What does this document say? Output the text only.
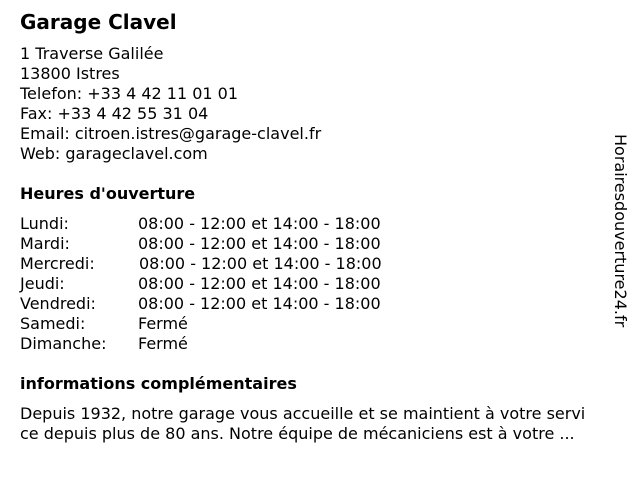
Garage Clavel
1 Traverse Galilée
13800 Istres
Telefon: +33 4 42 11 01 01
Fax: +33 4 42 55 31 04
Email: citroen.istres@garage-clavel.fr
Web: garageclavel.com
Heures d'ouverture
Lundi:	08:00 - 12:00 et 14:00 - 18:00
Mardi:	08:00 - 12:00 et 14:00 - 18:00
Mercredi:	08:00 - 12:00 et 14:00 - 18:00
Jeudi:	08:00 - 12:00 et 14:00 - 18:00
Vendredi:	08:00 - 12:00 et 14:00 - 18:00
Samedi:	Fermé
Dimanche: Fermé
informations complémentaires
Depuis 1932, notre garage vous accueille et se maintient à votre servi
ce depuis plus de 80 ans. Notre équipe de mécaniciens est à votre ...
Horairesdouverture24.fr
